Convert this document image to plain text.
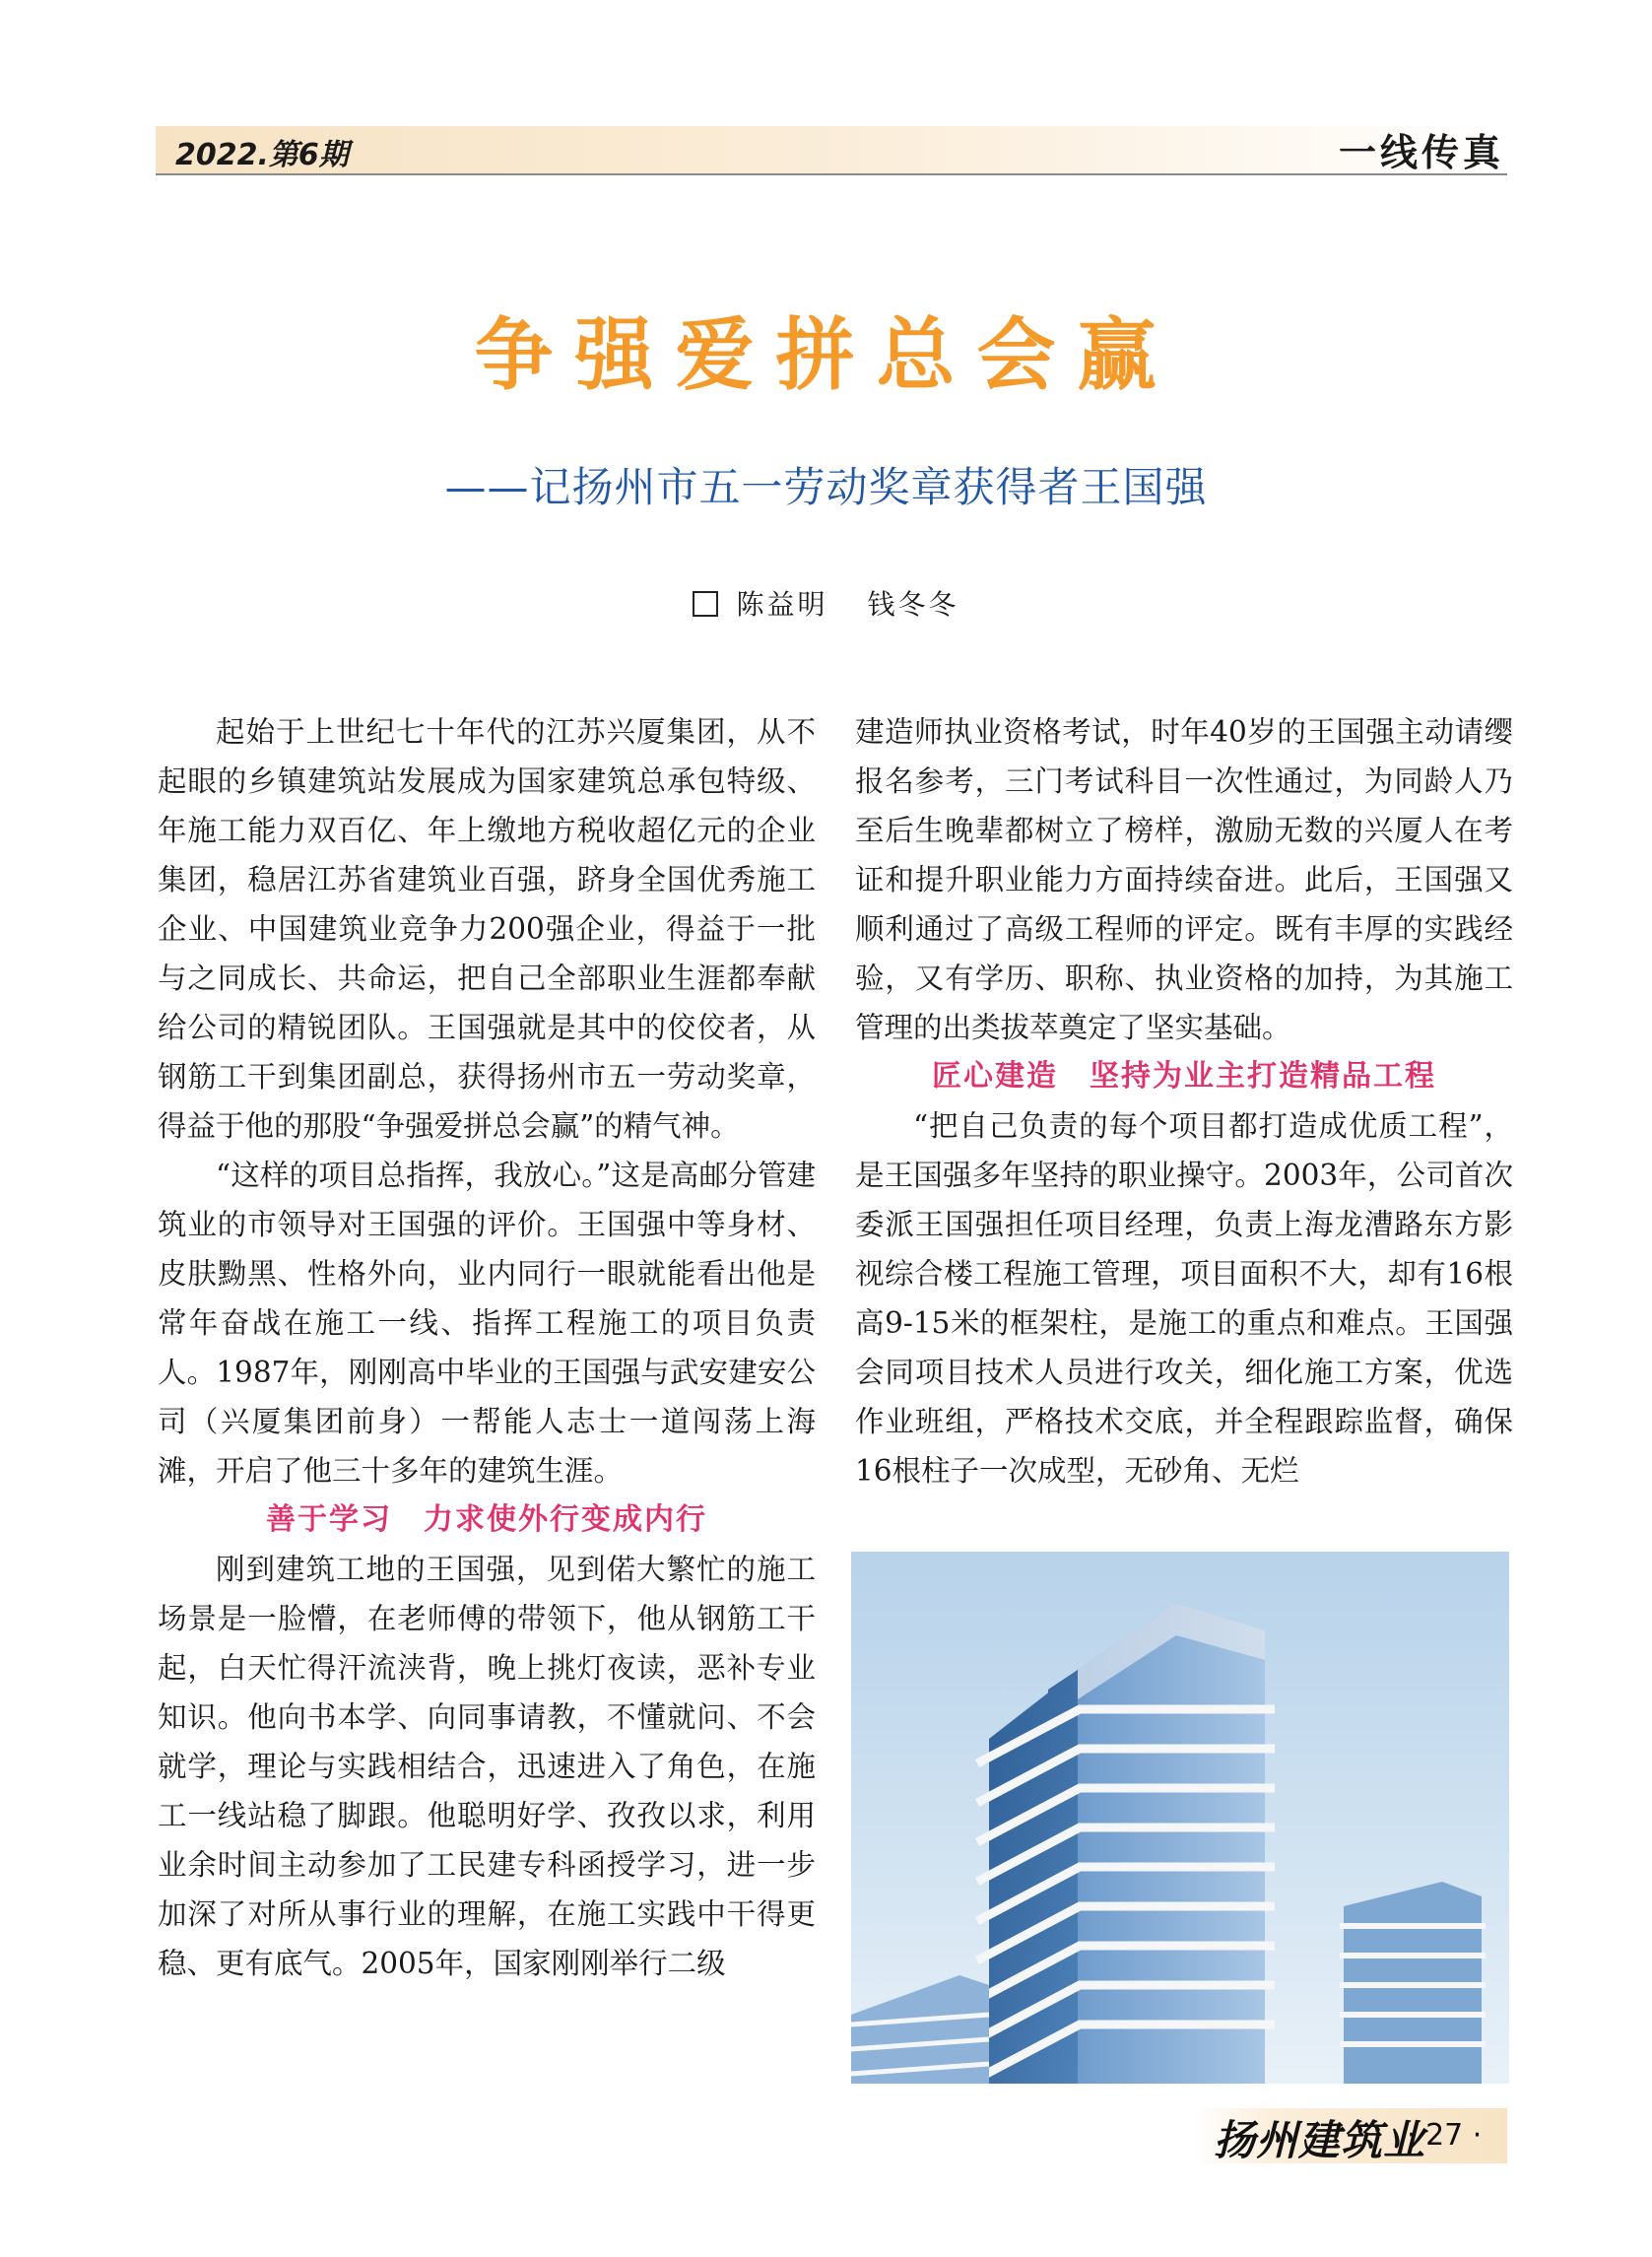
2022.第6期	一线传真
争强爱拼总会赢
——记扬州市五一劳动奖章获得者王国强
陈益明 钱冬冬

起始于上世纪七十年代的江苏兴厦集团，从不起眼的乡镇建筑站发展成为国家建筑总承包特级、年施工能力双百亿、年上缴地方税收超亿元的企业集团，稳居江苏省建筑业百强，跻身全国优秀施工企业、中国建筑业竞争力200强企业，得益于一批与之同成长、共命运，把自己全部职业生涯都奉献给公司的精锐团队。王国强就是其中的佼佼者，从钢筋工干到集团副总，获得扬州市五一劳动奖章，得益于他的那股“争强爱拼总会赢”的精气神。

“这样的项目总指挥，我放心。”这是高邮分管建筑业的市领导对王国强的评价。王国强中等身材、皮肤黝黑、性格外向，业内同行一眼就能看出他是常年奋战在施工一线、指挥工程施工的项目负责人。1987年，刚刚高中毕业的王国强与武安建安公司（兴厦集团前身）一帮能人志士一道闯荡上海滩，开启了他三十多年的建筑生涯。

善于学习　力求使外行变成内行

刚到建筑工地的王国强，见到偌大繁忙的施工场景是一脸懵，在老师傅的带领下，他从钢筋工干起，白天忙得汗流浃背，晚上挑灯夜读，恶补专业知识。他向书本学、向同事请教，不懂就问、不会就学，理论与实践相结合，迅速进入了角色，在施工一线站稳了脚跟。他聪明好学、孜孜以求，利用业余时间主动参加了工民建专科函授学习，进一步加深了对所从事行业的理解，在施工实践中干得更稳、更有底气。2005年，国家刚刚举行二级

建造师执业资格考试，时年40岁的王国强主动请缨报名参考，三门考试科目一次性通过，为同龄人乃至后生晚辈都树立了榜样，激励无数的兴厦人在考证和提升职业能力方面持续奋进。此后，王国强又顺利通过了高级工程师的评定。既有丰厚的实践经验，又有学历、职称、执业资格的加持，为其施工管理的出类拔萃奠定了坚实基础。

匠心建造　坚持为业主打造精品工程

“把自己负责的每个项目都打造成优质工程”，是王国强多年坚持的职业操守。2003年，公司首次委派王国强担任项目经理，负责上海龙漕路东方影视综合楼工程施工管理，项目面积不大，却有16根高9-15米的框架柱，是施工的重点和难点。王国强会同项目技术人员进行攻关，细化施工方案，优选作业班组，严格技术交底，并全程跟踪监督，确保16根柱子一次成型，无砂角、无烂

扬州建筑业
· 27 ·
